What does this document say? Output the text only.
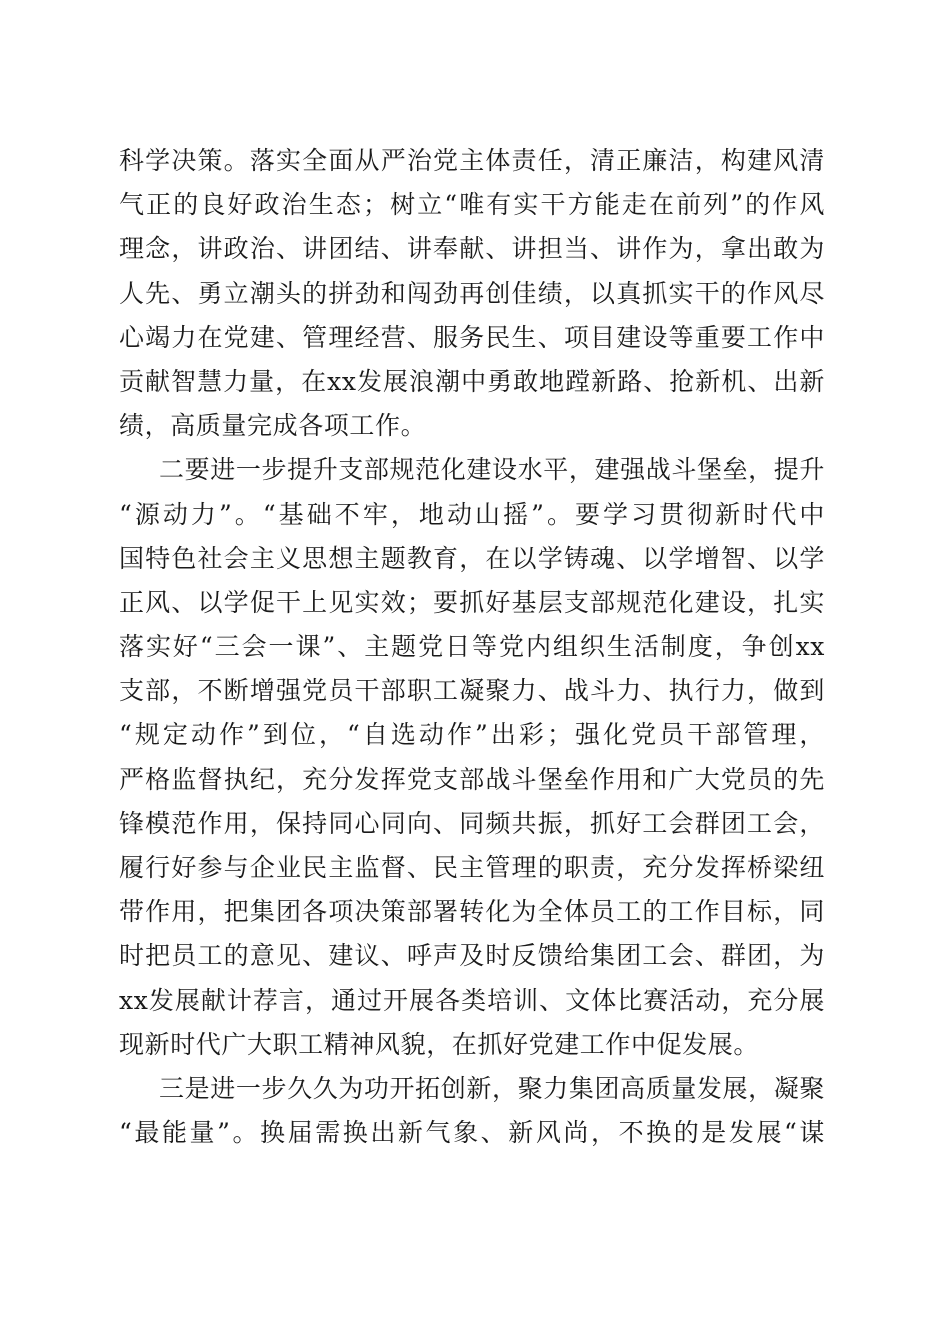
科学决策。落实全面从严治党主体责任，清正廉洁，构建风清
气正的良好政治生态；树立“唯有实干方能走在前列”的作风
理念，讲政治、讲团结、讲奉献、讲担当、讲作为，拿出敢为
人先、勇立潮头的拼劲和闯劲再创佳绩，以真抓实干的作风尽
心竭力在党建、管理经营、服务民生、项目建设等重要工作中
贡献智慧力量，在xx发展浪潮中勇敢地蹚新路、抢新机、出新
绩，高质量完成各项工作。
二要进一步提升支部规范化建设水平，建强战斗堡垒，提升
“源动力”。“基础不牢，地动山摇”。要学习贯彻新时代中
国特色社会主义思想主题教育，在以学铸魂、以学增智、以学
正风、以学促干上见实效；要抓好基层支部规范化建设，扎实
落实好“三会一课”、主题党日等党内组织生活制度，争创xx
支部，不断增强党员干部职工凝聚力、战斗力、执行力，做到
“规定动作”到位，“自选动作”出彩；强化党员干部管理，
严格监督执纪，充分发挥党支部战斗堡垒作用和广大党员的先
锋模范作用，保持同心同向、同频共振，抓好工会群团工会，
履行好参与企业民主监督、民主管理的职责，充分发挥桥梁纽
带作用，把集团各项决策部署转化为全体员工的工作目标，同
时把员工的意见、建议、呼声及时反馈给集团工会、群团，为
xx发展献计荐言，通过开展各类培训、文体比赛活动，充分展
现新时代广大职工精神风貌，在抓好党建工作中促发展。
三是进一步久久为功开拓创新，聚力集团高质量发展，凝聚
“最能量”。换届需换出新气象、新风尚，不换的是发展“谋
